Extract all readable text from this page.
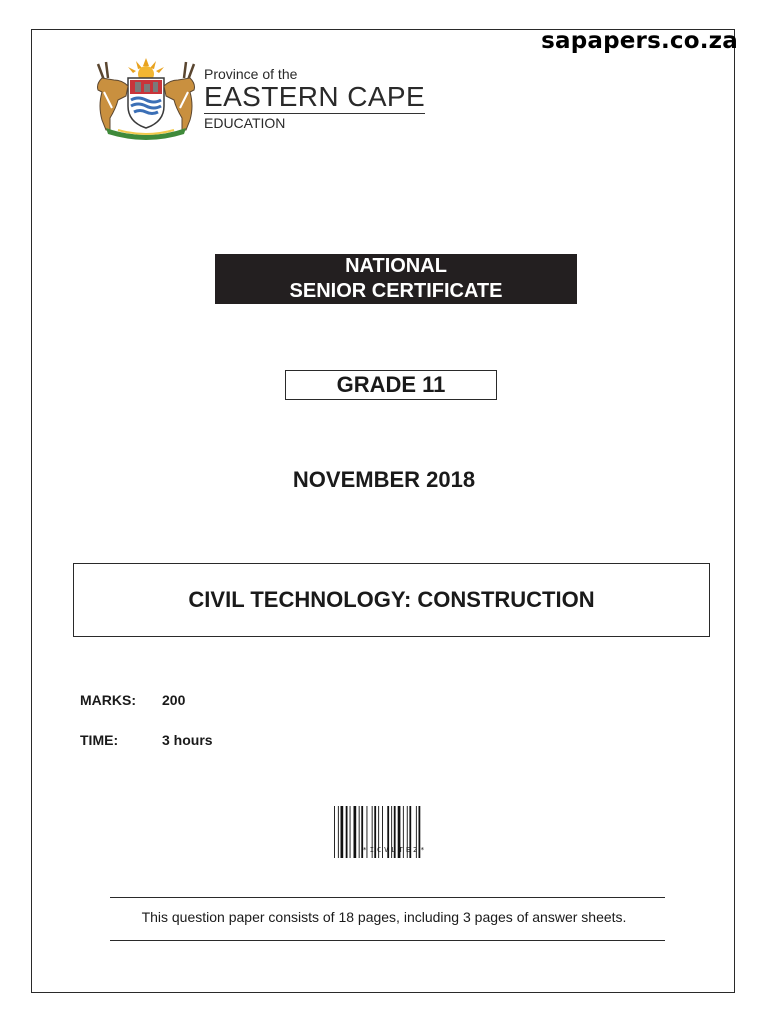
sapapers.co.za
Province of the
EASTERN CAPE
EDUCATION
NATIONAL
SENIOR CERTIFICATE
GRADE 11
NOVEMBER 2018
CIVIL TECHNOLOGY: CONSTRUCTION
MARKS: 200
TIME:	3 hours
*ICVLTE2*
This question paper consists of 18 pages, including 3 pages of answer sheets.
